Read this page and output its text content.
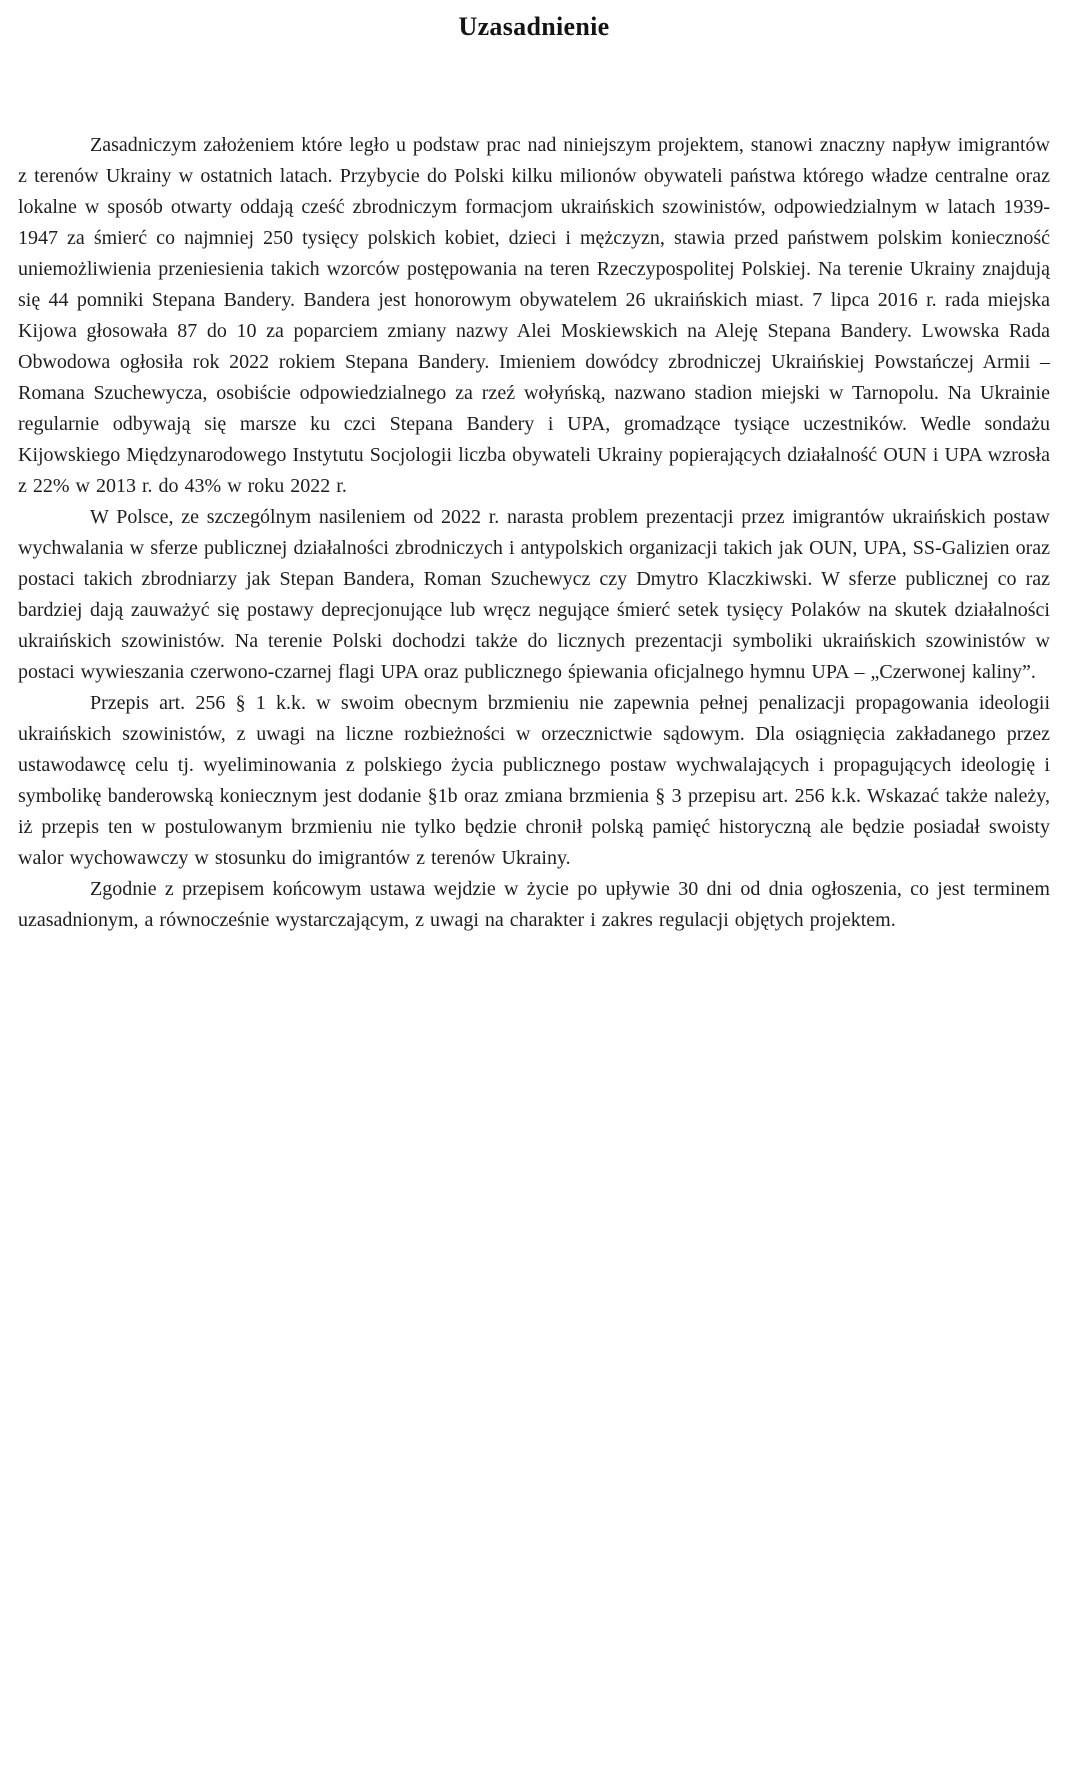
Uzasadnienie

Zasadniczym założeniem które legło u podstaw prac nad niniejszym projektem, stanowi znaczny napływ imigrantów z terenów Ukrainy w ostatnich latach. Przybycie do Polski kilku milionów obywateli państwa którego władze centralne oraz lokalne w sposób otwarty oddają cześć zbrodniczym formacjom ukraińskich szowinistów, odpowiedzialnym w latach 1939-1947 za śmierć co najmniej 250 tysięcy polskich kobiet, dzieci i mężczyzn, stawia przed państwem polskim konieczność uniemożliwienia przeniesienia takich wzorców postępowania na teren Rzeczypospolitej Polskiej. Na terenie Ukrainy znajdują się 44 pomniki Stepana Bandery. Bandera jest honorowym obywatelem 26 ukraińskich miast. 7 lipca 2016 r. rada miejska Kijowa głosowała 87 do 10 za poparciem zmiany nazwy Alei Moskiewskich na Aleję Stepana Bandery. Lwowska Rada Obwodowa ogłosiła rok 2022 rokiem Stepana Bandery. Imieniem dowódcy zbrodniczej Ukraińskiej Powstańczej Armii – Romana Szuchewycza, osobiście odpowiedzialnego za rzeź wołyńską, nazwano stadion miejski w Tarnopolu. Na Ukrainie regularnie odbywają się marsze ku czci Stepana Bandery i UPA, gromadzące tysiące uczestników. Wedle sondażu Kijowskiego Międzynarodowego Instytutu Socjologii liczba obywateli Ukrainy popierających działalność OUN i UPA wzrosła z 22% w 2013 r. do 43% w roku 2022 r.

W Polsce, ze szczególnym nasileniem od 2022 r. narasta problem prezentacji przez imigrantów ukraińskich postaw wychwalania w sferze publicznej działalności zbrodniczych i antypolskich organizacji takich jak OUN, UPA, SS-Galizien oraz postaci takich zbrodniarzy jak Stepan Bandera, Roman Szuchewycz czy Dmytro Klaczkiwski. W sferze publicznej co raz bardziej dają zauważyć się postawy deprecjonujące lub wręcz negujące śmierć setek tysięcy Polaków na skutek działalności ukraińskich szowinistów. Na terenie Polski dochodzi także do licznych prezentacji symboliki ukraińskich szowinistów w postaci wywieszania czerwono-czarnej flagi UPA oraz publicznego śpiewania oficjalnego hymnu UPA – „Czerwonej kaliny”.

Przepis art. 256 § 1 k.k. w swoim obecnym brzmieniu nie zapewnia pełnej penalizacji propagowania ideologii ukraińskich szowinistów, z uwagi na liczne rozbieżności w orzecznictwie sądowym. Dla osiągnięcia zakładanego przez ustawodawcę celu tj. wyeliminowania z polskiego życia publicznego postaw wychwalających i propagujących ideologię i symbolikę banderowską koniecznym jest dodanie §1b oraz zmiana brzmienia § 3 przepisu art. 256 k.k. Wskazać także należy, iż przepis ten w postulowanym brzmieniu nie tylko będzie chronił polską pamięć historyczną ale będzie posiadał swoisty walor wychowawczy w stosunku do imigrantów z terenów Ukrainy.

Zgodnie z przepisem końcowym ustawa wejdzie w życie po upływie 30 dni od dnia ogłoszenia, co jest terminem uzasadnionym, a równocześnie wystarczającym, z uwagi na charakter i zakres regulacji objętych projektem.
